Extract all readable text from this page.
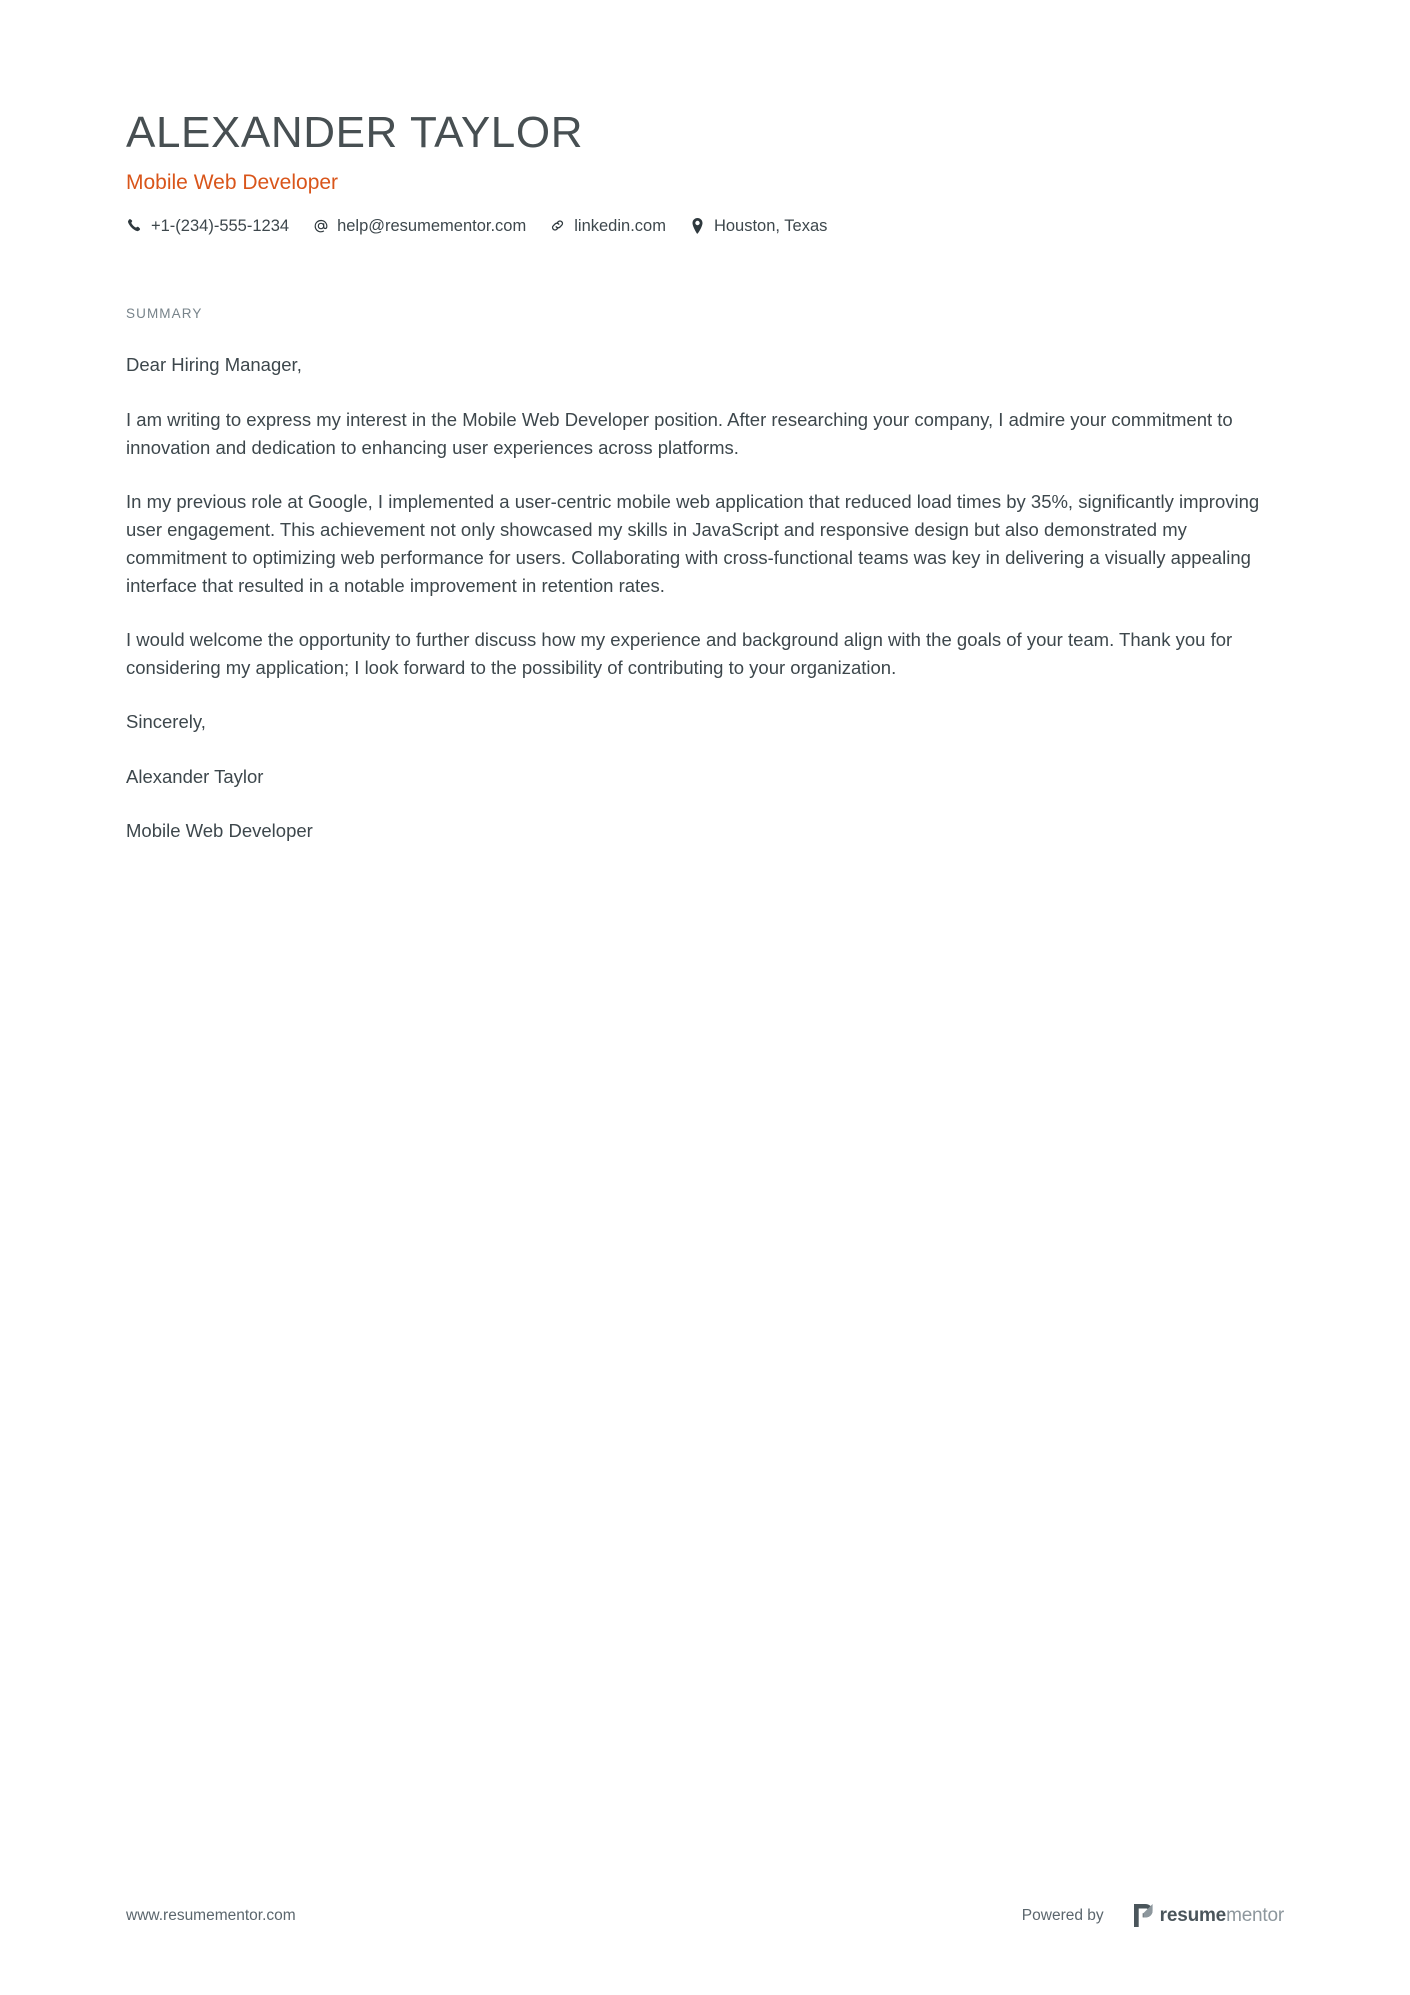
ALEXANDER TAYLOR
Mobile Web Developer
+1-(234)-555-1234	help@resumementor.com	linkedin.com	Houston, Texas
SUMMARY

Dear Hiring Manager,

I am writing to express my interest in the Mobile Web Developer position. After researching your company, I admire your commitment to innovation and dedication to enhancing user experiences across platforms.

In my previous role at Google, I implemented a user-centric mobile web application that reduced load times by 35%, significantly improving user engagement. This achievement not only showcased my skills in JavaScript and responsive design but also demonstrated my commitment to optimizing web performance for users. Collaborating with cross-functional teams was key in delivering a visually appealing interface that resulted in a notable improvement in retention rates.

I would welcome the opportunity to further discuss how my experience and background align with the goals of your team. Thank you for considering my application; I look forward to the possibility of contributing to your organization.

Sincerely,

Alexander Taylor

Mobile Web Developer

www.resumementor.com	Powered by	resume mentor
